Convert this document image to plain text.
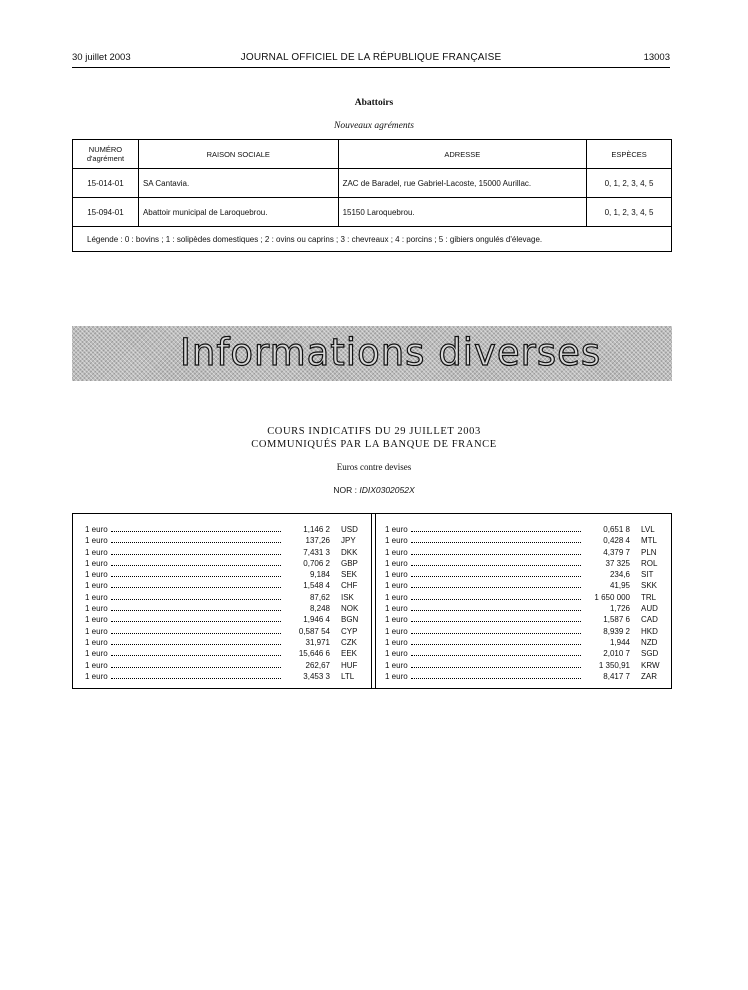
30 juillet 2003	JOURNAL OFFICIEL DE LA RÉPUBLIQUE FRANÇAISE	13003
Abattoirs
Nouveaux agréments
NUMÉRO
d'agrément	RAISON SOCIALE	ADRESSE	ESPÈCES
15-014-01	SA Cantavia.	ZAC de Baradel, rue Gabriel-Lacoste, 15000 Aurillac.	0, 1, 2, 3, 4, 5
15-094-01	Abattoir municipal de Laroquebrou.	15150 Laroquebrou.	0, 1, 2, 3, 4, 5
Légende : 0 : bovins ; 1 : solipèdes domestiques ; 2 : ovins ou caprins ; 3 : chevreaux ; 4 : porcins ; 5 : gibiers ongulés d'élevage.			
Informations diverses
COURS INDICATIFS DU 29 JUILLET 2003
COMMUNIQUÉS PAR LA BANQUE DE FRANCE
Euros contre devises
NOR : IDIX0302052X
1 euro	1,146 2 USD
1 euro	137,26 JPY
1 euro	7,431 3 DKK
1 euro	0,706 2 GBP
1 euro	9,184 SEK
1 euro	1,548 4 CHF
1 euro	87,62 ISK
1 euro	8,248 NOK
1 euro	1,946 4 BGN
1 euro	0,587 54 CYP
1 euro	31,971 CZK
1 euro	15,646 6 EEK
1 euro	262,67 HUF
1 euro	3,453 3 LTL
1 euro	0,651 8 LVL
1 euro	0,428 4 MTL
1 euro	4,379 7 PLN
1 euro	37 325 ROL
1 euro	234,6 SIT
1 euro	41,95 SKK
1 euro	1 650 000 TRL
1 euro	1,726 AUD
1 euro	1,587 6 CAD
1 euro	8,939 2 HKD
1 euro	1,944 NZD
1 euro	2,010 7 SGD
1 euro	1 350,91 KRW
1 euro	8,417 7 ZAR
